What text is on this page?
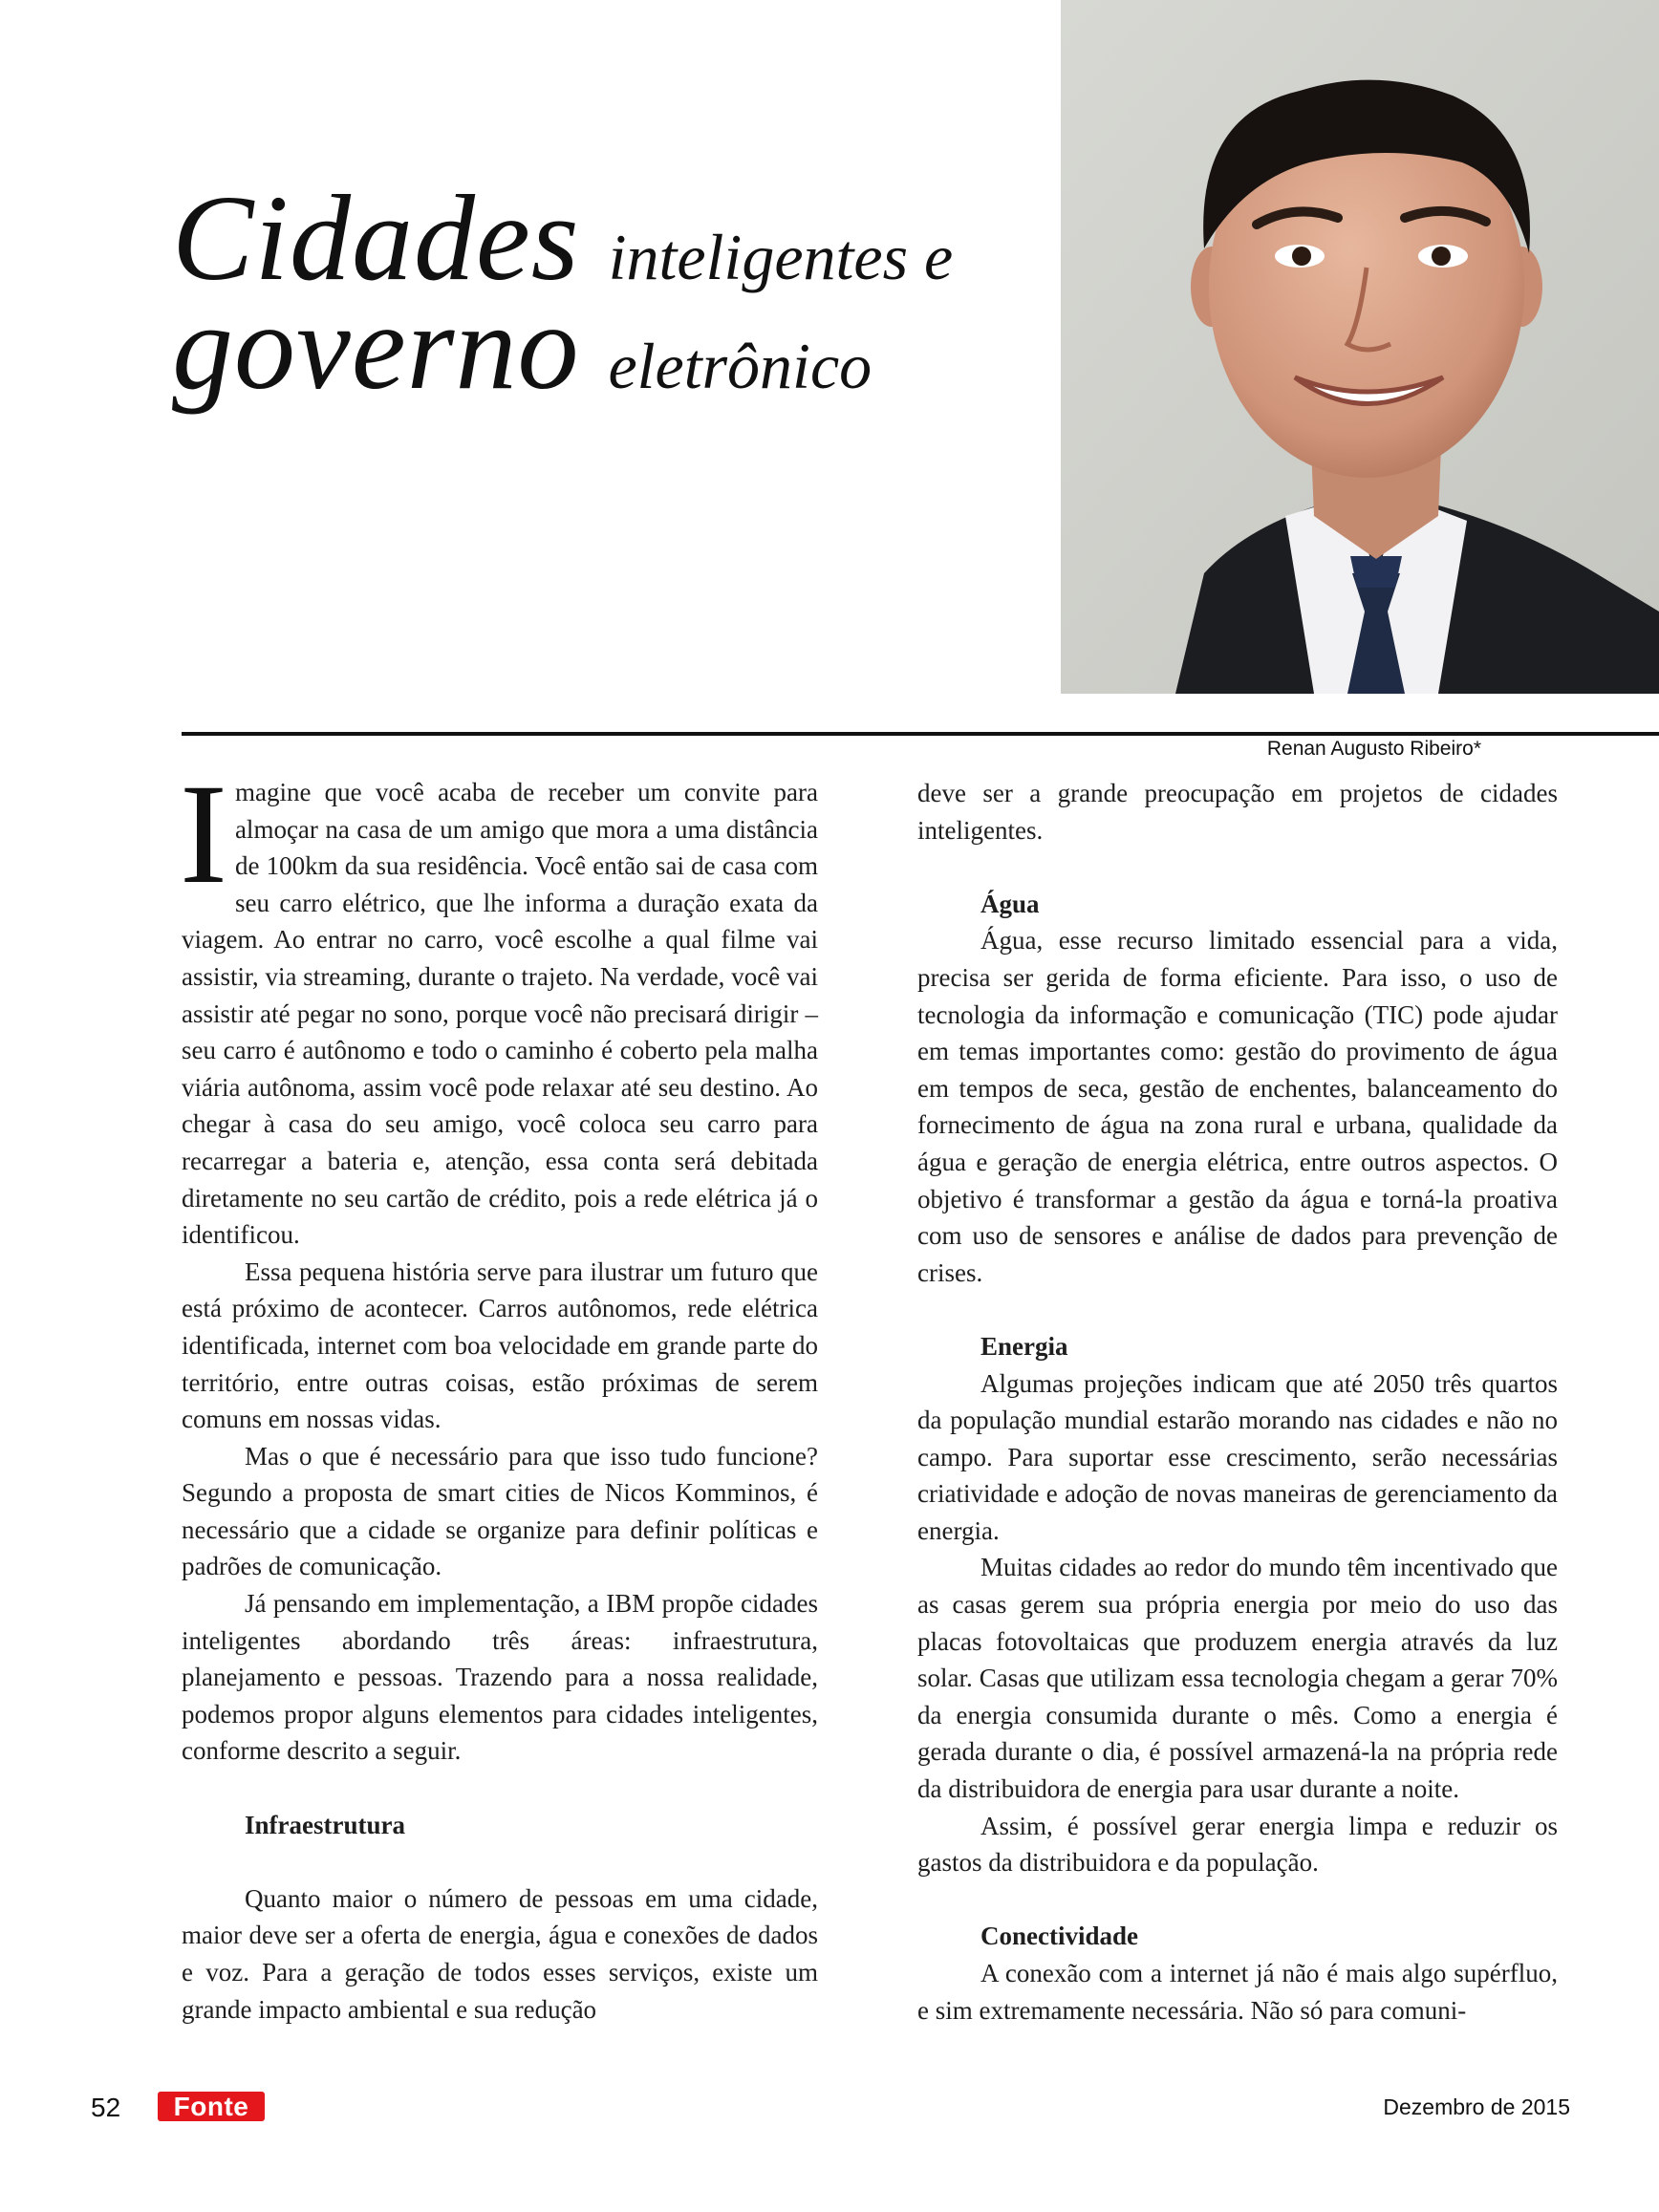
Cidades inteligentes e
governo eletrônico
Renan Augusto Ribeiro*

Imagine que você acaba de receber um convite para almoçar na casa de um amigo que mora a uma distância de 100km da sua residência. Você então sai de casa com seu carro elétrico, que lhe informa a duração exata da viagem. Ao entrar no carro, você escolhe a qual filme vai assistir, via streaming, durante o trajeto. Na verdade, você vai assistir até pegar no sono, porque você não precisará dirigir – seu carro é autônomo e todo o caminho é coberto pela malha viária autônoma, assim você pode relaxar até seu destino. Ao chegar à casa do seu amigo, você coloca seu carro para recarregar a bateria e, atenção, essa conta será debitada diretamente no seu cartão de crédito, pois a rede elétrica já o identificou.

Essa pequena história serve para ilustrar um futuro que está próximo de acontecer. Carros autônomos, rede elétrica identificada, internet com boa velocidade em grande parte do território, entre outras coisas, estão próximas de serem comuns em nossas vidas.

Mas o que é necessário para que isso tudo funcione? Segundo a proposta de smart cities de Nicos Komminos, é necessário que a cidade se organize para definir políticas e padrões de comunicação.

Já pensando em implementação, a IBM propõe cidades inteligentes abordando três áreas: infraestrutura, planejamento e pessoas. Trazendo para a nossa realidade, podemos propor alguns elementos para cidades inteligentes, conforme descrito a seguir.

Infraestrutura

Quanto maior o número de pessoas em uma cidade, maior deve ser a oferta de energia, água e conexões de dados e voz. Para a geração de todos esses serviços, existe um grande impacto ambiental e sua redução

deve ser a grande preocupação em projetos de cidades inteligentes.

Água

Água, esse recurso limitado essencial para a vida, precisa ser gerida de forma eficiente. Para isso, o uso de tecnologia da informação e comunicação (TIC) pode ajudar em temas importantes como: gestão do provimento de água em tempos de seca, gestão de enchentes, balanceamento do fornecimento de água na zona rural e urbana, qualidade da água e geração de energia elétrica, entre outros aspectos. O objetivo é transformar a gestão da água e torná-la proativa com uso de sensores e análise de dados para prevenção de crises.

Energia

Algumas projeções indicam que até 2050 três quartos da população mundial estarão morando nas cidades e não no campo. Para suportar esse crescimento, serão necessárias criatividade e adoção de novas maneiras de gerenciamento da energia.

Muitas cidades ao redor do mundo têm incentivado que as casas gerem sua própria energia por meio do uso das placas fotovoltaicas que produzem energia através da luz solar. Casas que utilizam essa tecnologia chegam a gerar 70% da energia consumida durante o mês. Como a energia é gerada durante o dia, é possível armazená-la na própria rede da distribuidora de energia para usar durante a noite.

Assim, é possível gerar energia limpa e reduzir os gastos da distribuidora e da população.

Conectividade

A conexão com a internet já não é mais algo supérfluo, e sim extremamente necessária. Não só para comuni-

52	Fonte	Dezembro de 2015
